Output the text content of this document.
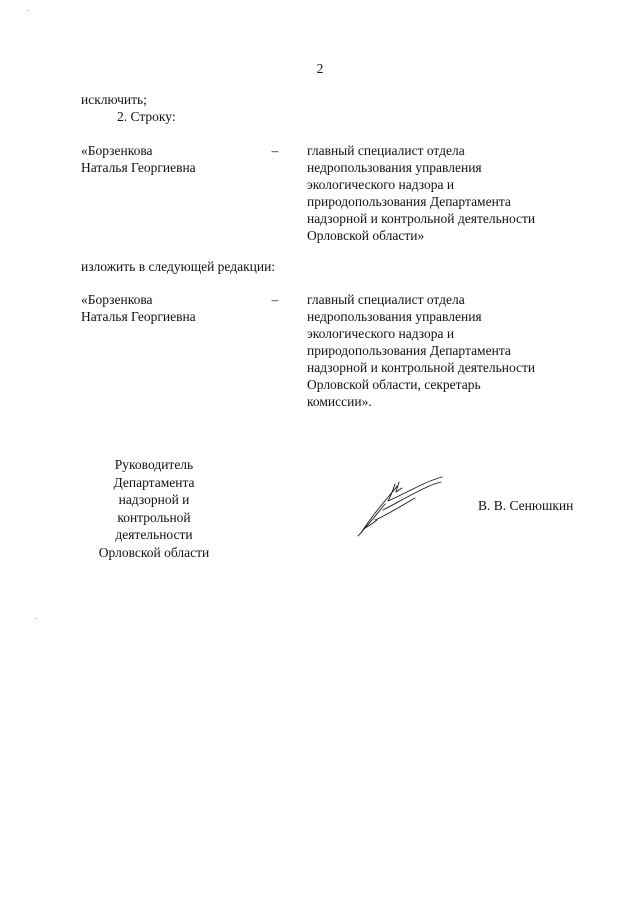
2
исключить;
2. Строку:
«Борзенкова
Наталья Георгиевна
– главный специалист отдела
недропользования управления
экологического надзора и
природопользования Департамента
надзорной и контрольной деятельности
Орловской области»
изложить в следующей редакции:
«Борзенкова
Наталья Георгиевна
– главный специалист отдела
недропользования управления
экологического надзора и
природопользования Департамента
надзорной и контрольной деятельности
Орловской области, секретарь
комиссии».
Руководитель
Департамента
надзорной и
контрольной
деятельности
Орловской области
В. В. Сенюшкин
